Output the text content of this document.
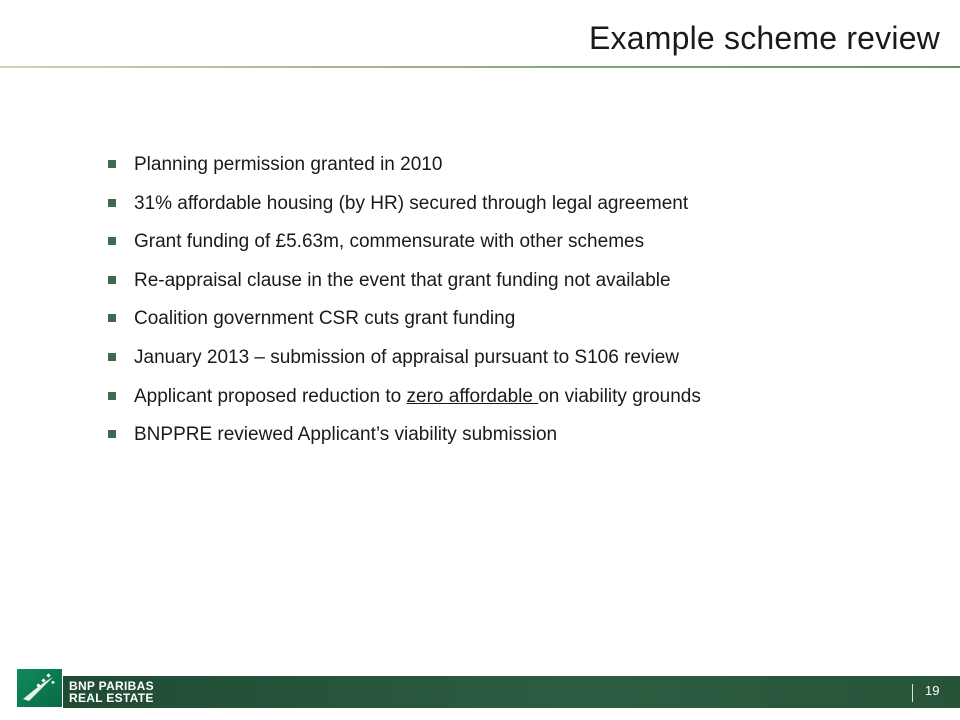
Example scheme review
Planning permission granted in 2010
31% affordable housing (by HR) secured through legal agreement
Grant funding of £5.63m, commensurate with other schemes
Re-appraisal clause in the event that grant funding not available
Coalition government CSR cuts grant funding
January 2013 – submission of appraisal pursuant to S106 review
Applicant proposed reduction to zero affordable on viability grounds
BNPPRE reviewed Applicant’s viability submission
BNP PARIBAS
REAL ESTATE	19
